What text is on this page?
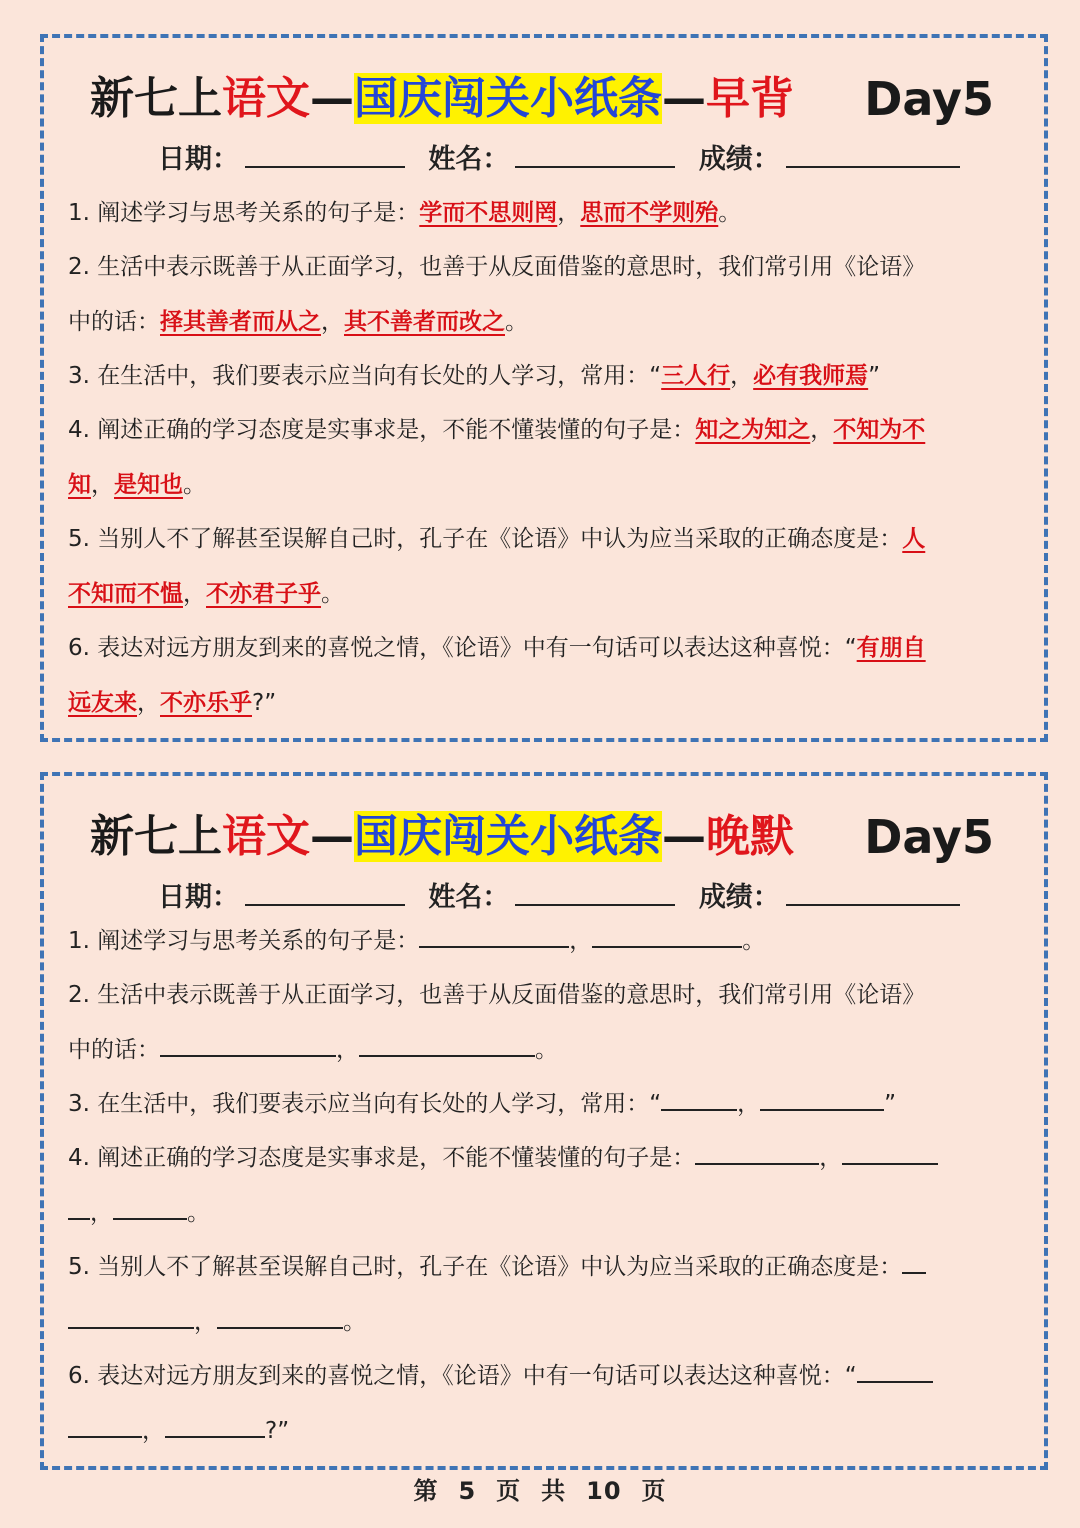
新七上语文—国庆闯关小纸条—早背 Day5
日期：	姓名：	成绩：
1. 阐述学习与思考关系的句子是：学而不思则罔，思而不学则殆。
2. 生活中表示既善于从正面学习，也善于从反面借鉴的意思时，我们常引用《论语》
中的话：择其善者而从之，其不善者而改之。
3. 在生活中，我们要表示应当向有长处的人学习，常用：“三人行，必有我师焉”
4. 阐述正确的学习态度是实事求是，不能不懂装懂的句子是：知之为知之，不知为不
知，是知也。
5. 当别人不了解甚至误解自己时，孔子在《论语》中认为应当采取的正确态度是：人
不知而不愠，不亦君子乎。
6. 表达对远方朋友到来的喜悦之情，《论语》中有一句话可以表达这种喜悦：“有朋自
远友来，不亦乐乎?”
新七上语文—国庆闯关小纸条—晚默 Day5
日期：	姓名：	成绩：
1. 阐述学习与思考关系的句子是：	，	。
2. 生活中表示既善于从正面学习，也善于从反面借鉴的意思时，我们常引用《论语》
中的话：	，	。
3. 在生活中，我们要表示应当向有长处的人学习，常用：“	，	”
4. 阐述正确的学习态度是实事求是，不能不懂装懂的句子是：	，
，	。
5. 当别人不了解甚至误解自己时，孔子在《论语》中认为应当采取的正确态度是：
，	。
6. 表达对远方朋友到来的喜悦之情，《论语》中有一句话可以表达这种喜悦：“
，	?”
第 5 页 共 10 页
